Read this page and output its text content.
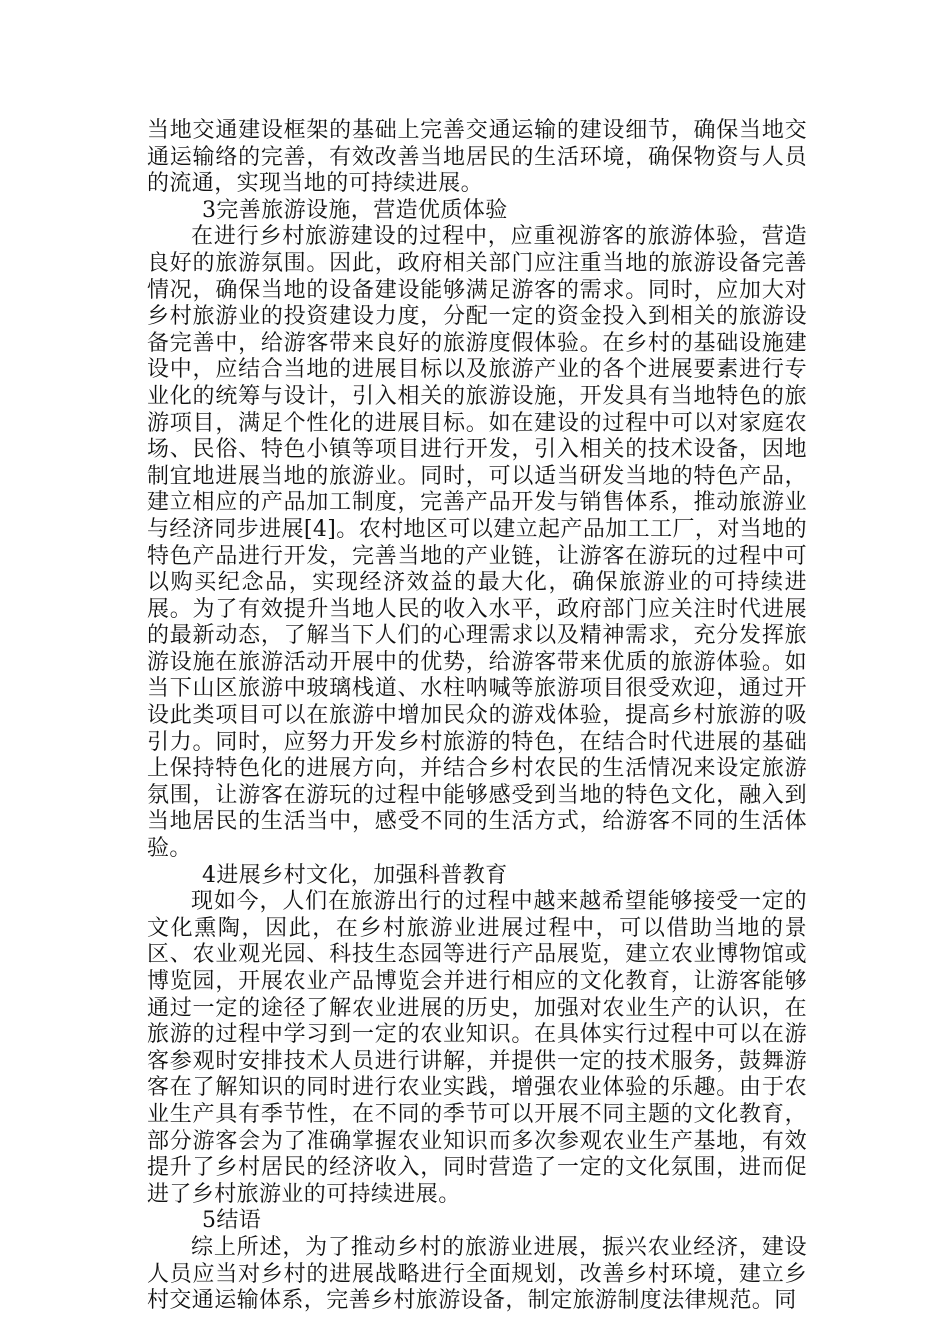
当地交通建设框架的基础上完善交通运输的建设细节，确保当地交通运输络的完善，有效改善当地居民的生活环境，确保物资与人员的流通，实现当地的可持续进展。

3完善旅游设施，营造优质体验

在进行乡村旅游建设的过程中，应重视游客的旅游体验，营造良好的旅游氛围。因此，政府相关部门应注重当地的旅游设备完善情况，确保当地的设备建设能够满足游客的需求。同时，应加大对乡村旅游业的投资建设力度，分配一定的资金投入到相关的旅游设备完善中，给游客带来良好的旅游度假体验。在乡村的基础设施建设中，应结合当地的进展目标以及旅游产业的各个进展要素进行专业化的统筹与设计，引入相关的旅游设施，开发具有当地特色的旅游项目，满足个性化的进展目标。如在建设的过程中可以对家庭农场、民俗、特色小镇等项目进行开发，引入相关的技术设备，因地制宜地进展当地的旅游业。同时，可以适当研发当地的特色产品，建立相应的产品加工制度，完善产品开发与销售体系，推动旅游业与经济同步进展[4]。农村地区可以建立起产品加工工厂，对当地的特色产品进行开发，完善当地的产业链，让游客在游玩的过程中可以购买纪念品，实现经济效益的最大化，确保旅游业的可持续进展。为了有效提升当地人民的收入水平，政府部门应关注时代进展的最新动态，了解当下人们的心理需求以及精神需求，充分发挥旅游设施在旅游活动开展中的优势，给游客带来优质的旅游体验。如当下山区旅游中玻璃栈道、水柱呐喊等旅游项目很受欢迎，通过开设此类项目可以在旅游中增加民众的游戏体验，提高乡村旅游的吸引力。同时，应努力开发乡村旅游的特色，在结合时代进展的基础上保持特色化的进展方向，并结合乡村农民的生活情况来设定旅游氛围，让游客在游玩的过程中能够感受到当地的特色文化，融入到当地居民的生活当中，感受不同的生活方式，给游客不同的生活体验。

4进展乡村文化，加强科普教育

现如今，人们在旅游出行的过程中越来越希望能够接受一定的文化熏陶，因此，在乡村旅游业进展过程中，可以借助当地的景区、农业观光园、科技生态园等进行产品展览，建立农业博物馆或博览园，开展农业产品博览会并进行相应的文化教育，让游客能够通过一定的途径了解农业进展的历史，加强对农业生产的认识，在旅游的过程中学习到一定的农业知识。在具体实行过程中可以在游客参观时安排技术人员进行讲解，并提供一定的技术服务，鼓舞游客在了解知识的同时进行农业实践，增强农业体验的乐趣。由于农业生产具有季节性，在不同的季节可以开展不同主题的文化教育，部分游客会为了准确掌握农业知识而多次参观农业生产基地，有效提升了乡村居民的经济收入，同时营造了一定的文化氛围，进而促进了乡村旅游业的可持续进展。

5结语

综上所述，为了推动乡村的旅游业进展，振兴农业经济，建设人员应当对乡村的进展战略进行全面规划，改善乡村环境，建立乡村交通运输体系，完善乡村旅游设备，制定旅游制度法律规范。同
